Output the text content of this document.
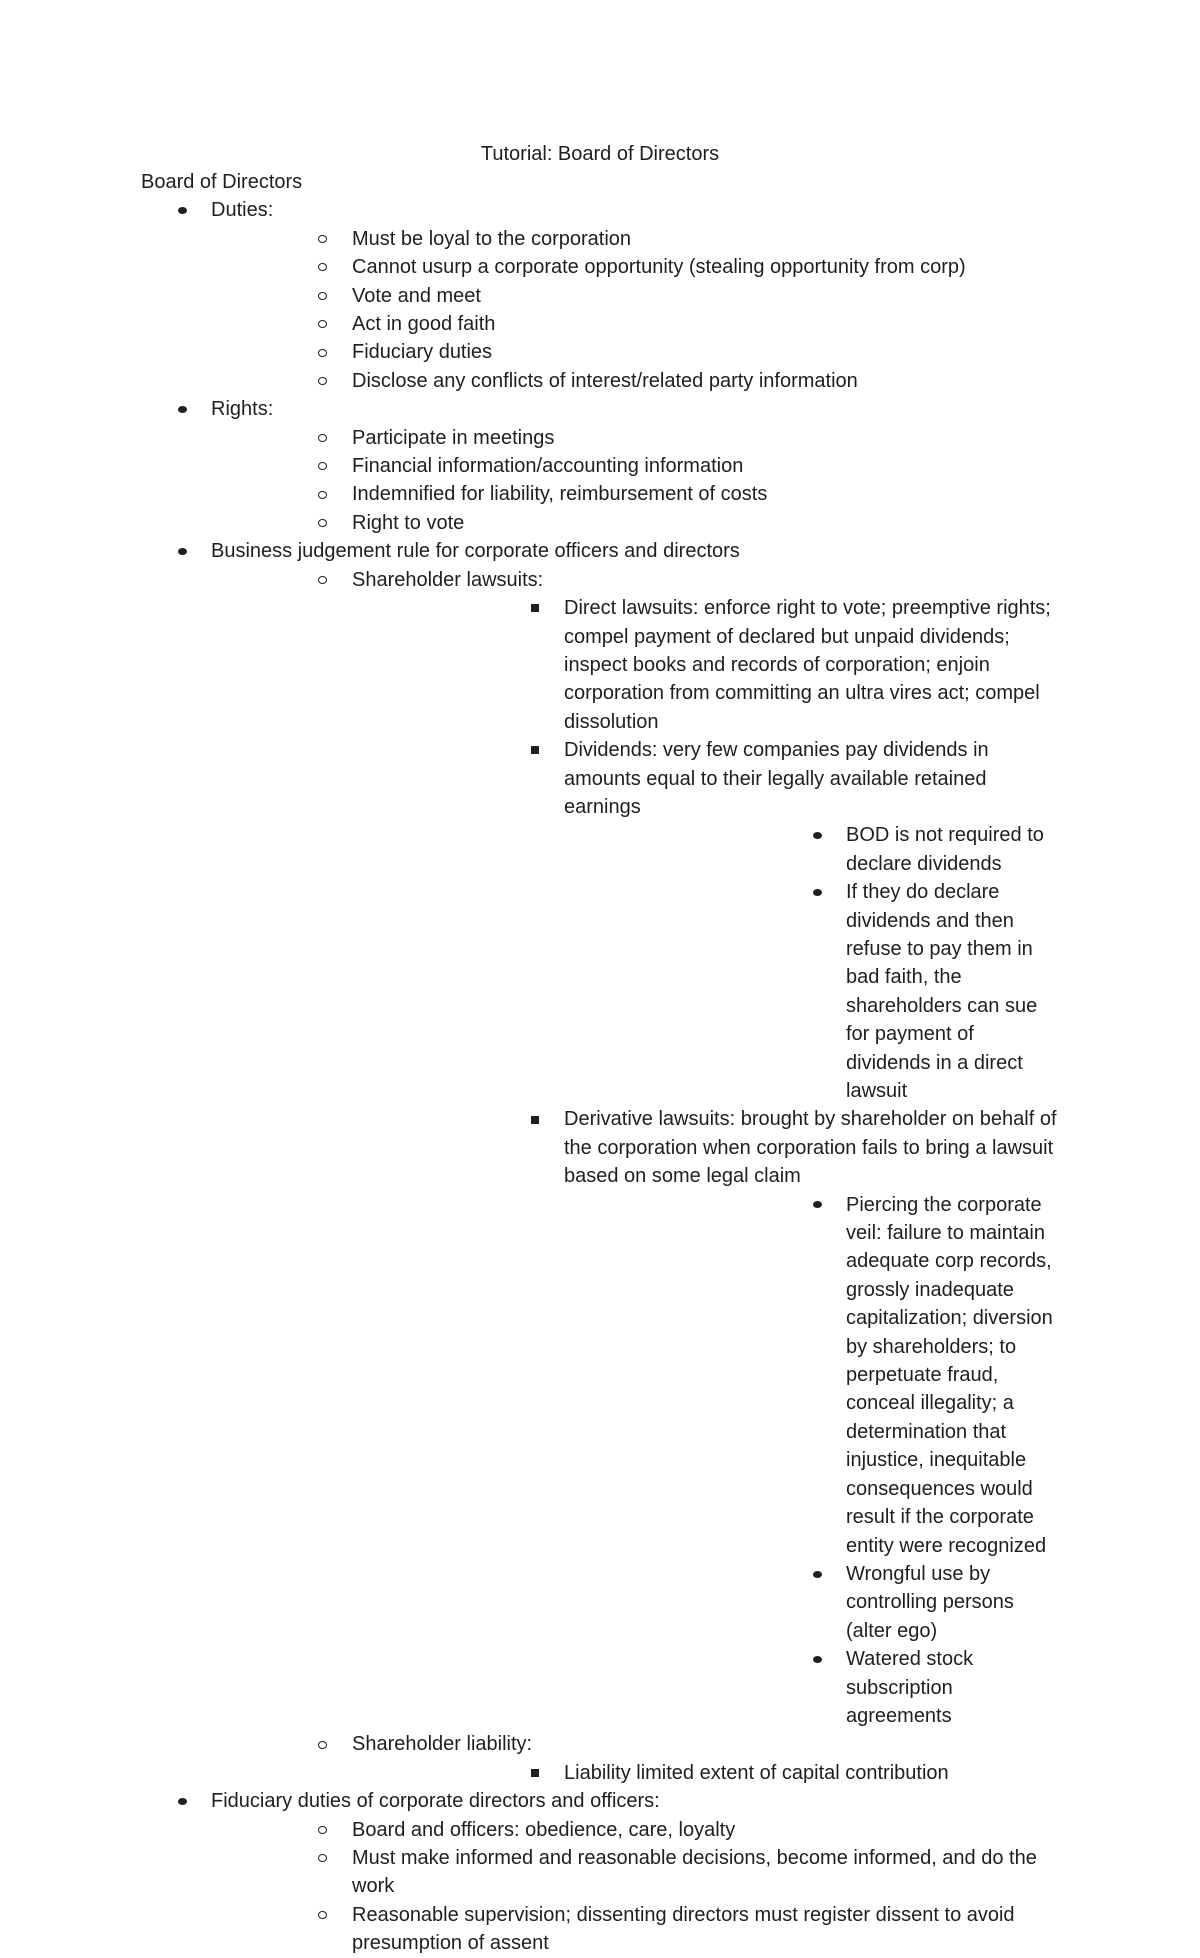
Tutorial: Board of Directors

Board of Directors

Duties:
Must be loyal to the corporation
Cannot usurp a corporate opportunity (stealing opportunity from corp)
Vote and meet
Act in good faith
Fiduciary duties
Disclose any conflicts of interest/related party information
Rights:
Participate in meetings
Financial information/accounting information
Indemnified for liability, reimbursement of costs
Right to vote
Business judgement rule for corporate officers and directors
Shareholder lawsuits:
Direct lawsuits: enforce right to vote; preemptive rights; compel payment of declared but unpaid dividends; inspect books and records of corporation; enjoin corporation from committing an ultra vires act; compel dissolution
Dividends: very few companies pay dividends in amounts equal to their legally available retained earnings
BOD is not required to declare dividends
If they do declare dividends and then refuse to pay them in bad faith, the shareholders can sue for payment of dividends in a direct lawsuit
Derivative lawsuits: brought by shareholder on behalf of the corporation when corporation fails to bring a lawsuit based on some legal claim
Piercing the corporate veil: failure to maintain adequate corp records, grossly inadequate capitalization; diversion by shareholders; to perpetuate fraud, conceal illegality; a determination that injustice, inequitable consequences would result if the corporate entity were recognized
Wrongful use by controlling persons (alter ego)
Watered stock subscription agreements
Shareholder liability:
Liability limited extent of capital contribution
Fiduciary duties of corporate directors and officers:
Board and officers: obedience, care, loyalty
Must make informed and reasonable decisions, become informed, and do the work
Reasonable supervision; dissenting directors must register dissent to avoid presumption of assent
